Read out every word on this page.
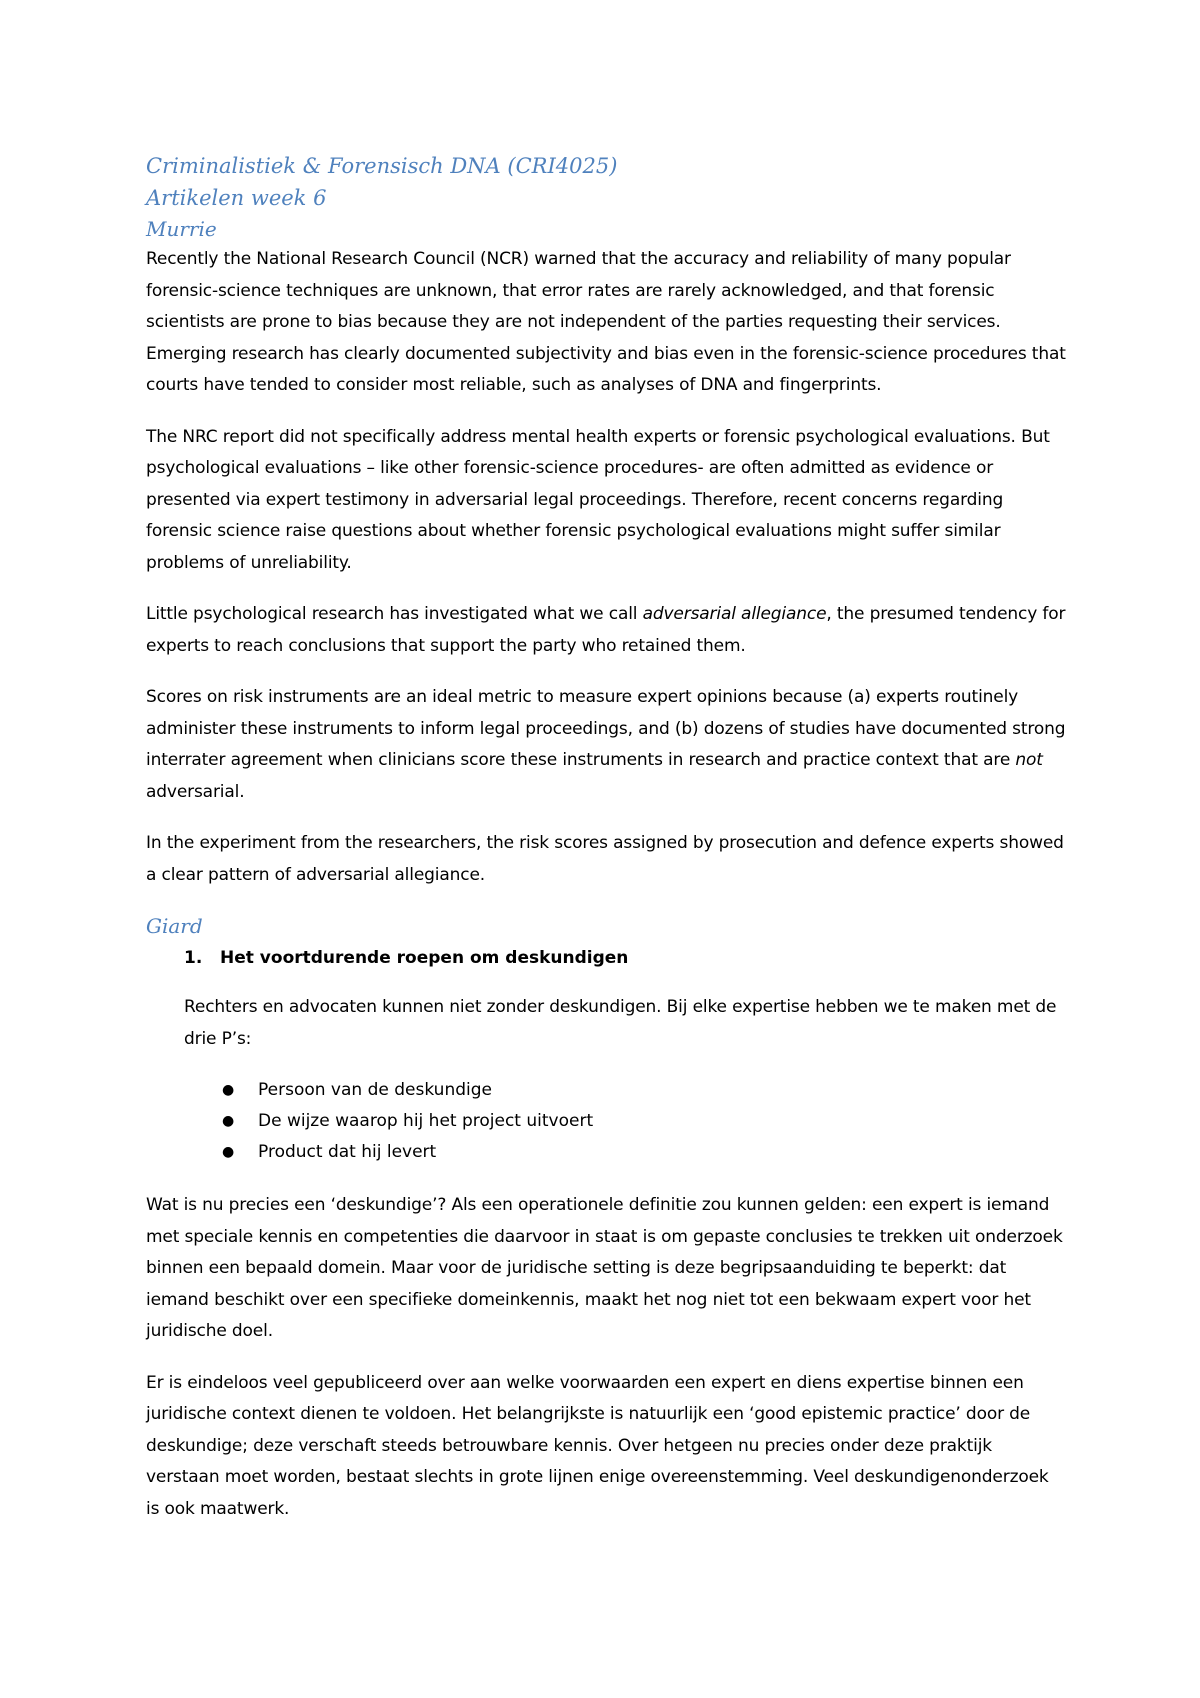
Criminalistiek & Forensisch DNA (CRI4025)
Artikelen week 6
Murrie

Recently the National Research Council (NCR) warned that the accuracy and reliability of many popular forensic-science techniques are unknown, that error rates are rarely acknowledged, and that forensic scientists are prone to bias because they are not independent of the parties requesting their services. Emerging research has clearly documented subjectivity and bias even in the forensic-science procedures that courts have tended to consider most reliable, such as analyses of DNA and fingerprints.

The NRC report did not specifically address mental health experts or forensic psychological evaluations. But psychological evaluations – like other forensic-science procedures- are often admitted as evidence or presented via expert testimony in adversarial legal proceedings. Therefore, recent concerns regarding forensic science raise questions about whether forensic psychological evaluations might suffer similar problems of unreliability.

Little psychological research has investigated what we call adversarial allegiance, the presumed tendency for experts to reach conclusions that support the party who retained them.

Scores on risk instruments are an ideal metric to measure expert opinions because (a) experts routinely administer these instruments to inform legal proceedings, and (b) dozens of studies have documented strong interrater agreement when clinicians score these instruments in research and practice context that are not adversarial.

In the experiment from the researchers, the risk scores assigned by prosecution and defence experts showed a clear pattern of adversarial allegiance.

Giard
1.	Het voortdurende roepen om deskundigen

Rechters en advocaten kunnen niet zonder deskundigen. Bij elke expertise hebben we te maken met de drie P’s:

●	Persoon van de deskundige
●	De wijze waarop hij het project uitvoert
●	Product dat hij levert

Wat is nu precies een ‘deskundige’? Als een operationele definitie zou kunnen gelden: een expert is iemand met speciale kennis en competenties die daarvoor in staat is om gepaste conclusies te trekken uit onderzoek binnen een bepaald domein. Maar voor de juridische setting is deze begripsaanduiding te beperkt: dat iemand beschikt over een specifieke domeinkennis, maakt het nog niet tot een bekwaam expert voor het juridische doel.

Er is eindeloos veel gepubliceerd over aan welke voorwaarden een expert en diens expertise binnen een juridische context dienen te voldoen. Het belangrijkste is natuurlijk een ‘good epistemic practice’ door de deskundige; deze verschaft steeds betrouwbare kennis. Over hetgeen nu precies onder deze praktijk verstaan moet worden, bestaat slechts in grote lijnen enige overeenstemming. Veel deskundigenonderzoek is ook maatwerk.
